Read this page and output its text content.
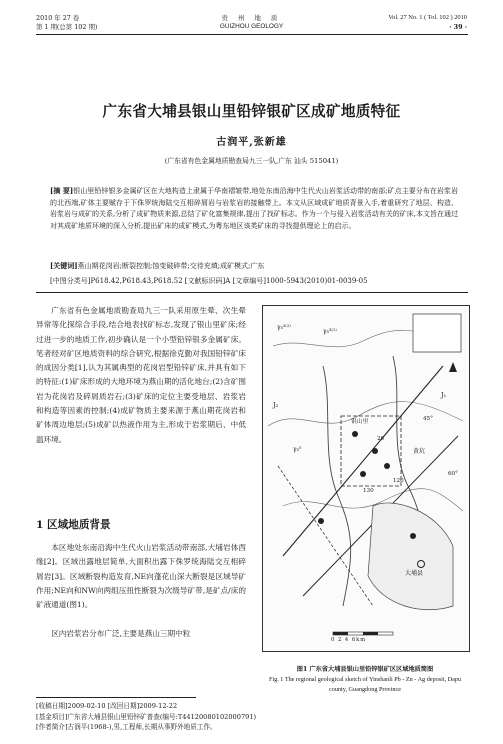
2010 年 27 卷
第 1 期(总第 102 期)
贵 州 地 质
GUIZHOU GEOLOGY
Vol. 27 No. 1 ( Tol. 102 ) 2010
· 39 ·
广东省大埔县银山里铅锌银矿区成矿地质特征
古润平,张新雄
(广东省有色金属地质勘查局九三一队,广东 汕头 515041)
[摘 要]银山里铅锌银多金属矿区在大地构造上隶属于华南褶皱带,地处东南沿海中生代火山岩浆活动带的南部;矿点主要分布在岩浆岩的北西端,矿体主要赋存于下侏罗统海陆交互相碎屑岩与岩浆岩的接触带上。本文从区域成矿地质背景入手,着重研究了地层、构造、岩浆岩与成矿的关系,分析了成矿物质来源,总结了矿化富集规律,提出了找矿标志。作为一个与侵入岩浆活动有关的矿床,本文旨在通过对其成矿地质环境的深入分析,提出矿床的成矿模式,为粤东地区该类矿床的寻找提供理论上的启示。
[关键词]燕山期花岗岩;断裂控制;蚀变破碎带;交待充填;成矿模式;广东
[中图分类号]P618.42,P618.43,P618.52 [文献标识码]A [文章编号]1000-5943(2010)01-0039-05
广东省有色金属地质勘查局九三一队采用原生晕、次生晕异常等化探综合手段,结合地表找矿标志,发现了银山里矿床;经过进一步的地质工作,初步确认是一个小型铅锌银多金属矿床。笔者经对矿区地质资料的综合研究,根据徐克勤对我国铅锌矿床的成因分类[1],认为其属典型的花岗岩型铅锌矿床,并具有如下的特征:(1)矿床形成的大地环境为燕山期的活化地台;(2)含矿围岩为花岗岩及碎屑质岩石;(3)矿床的定位主要受地层、岩浆岩和构造等因素的控制;(4)成矿物质主要来源于燕山期花岗岩和矿体周边地层;(5)成矿以热液作用为主,形成于岩浆期后、中低温环境。
1 区域地质背景
本区地处东南沿海中生代火山岩浆活动带南部,大埔岩体西缘[2]。区域出露地层简单,大面积出露下侏罗统海陆交互相碎屑岩[3]。区域断裂构造发育,NE向蓬花山深大断裂是区域导矿作用;NE向和NW向两组压扭性断裂为次级导矿带,是矿点/床的矿液通道(图1)。
区内岩浆岩分布广泛,主要是燕山三期中粒
γ₅³⁽²⁾
γ₅³⁽¹⁾
J₁
J₂
γ₅⁵
银山里
大埔县
黄坑
26
45°
60°
120
130
0 2 4 6km
图1 广东省大埔县银山里铅锌银矿区区域地质简图
Fig. 1 The regional geological sketch of Yinshanli Pb - Zn - Ag deposit, Dapu county, Guangdong Province
[收稿日期]2009-02-10 [改回日期]2009-12-22
[基金项目]广东省大埔县银山里铅锌矿普查(编号:T44120080102000791)
[作者简介]古润平(1968-),男,工程师,长期从事野外地质工作。
